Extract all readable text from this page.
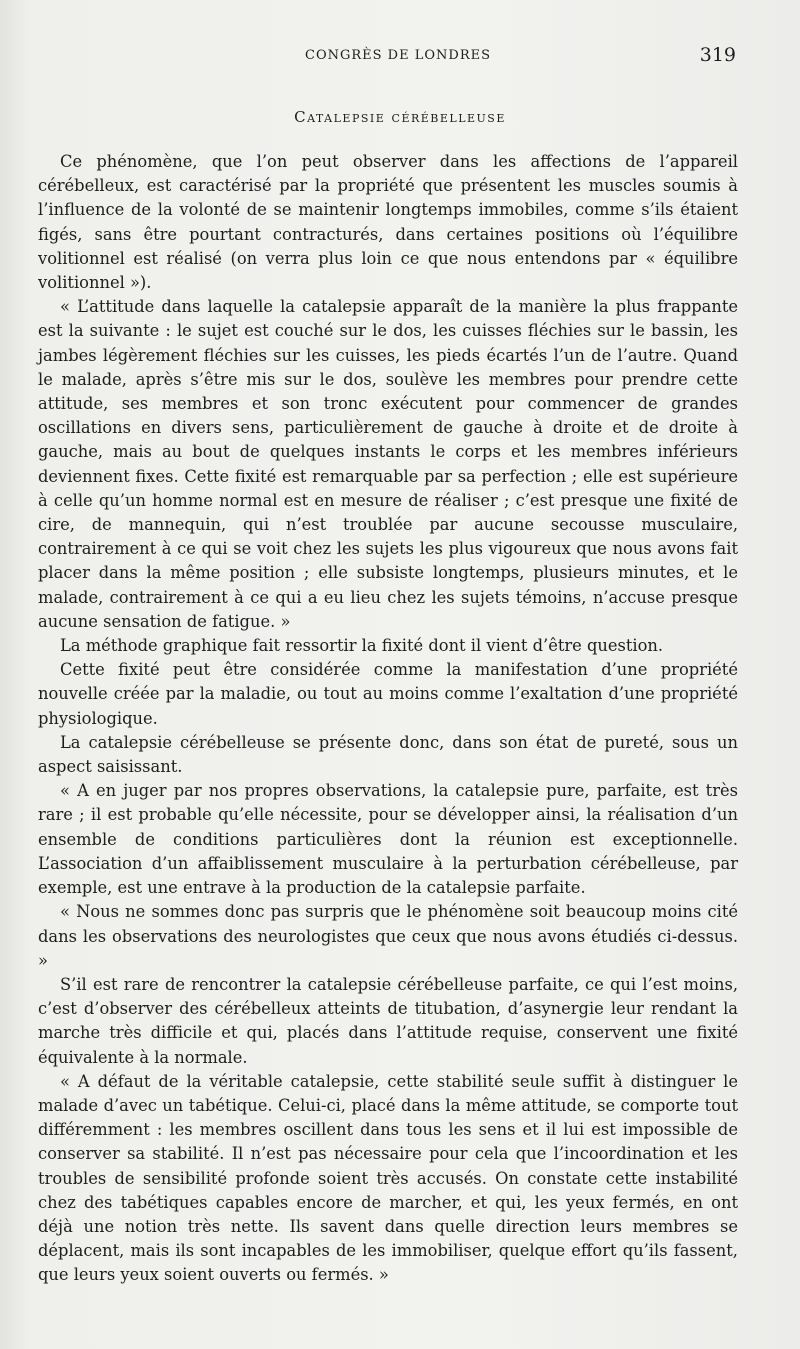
CONGRÈS DE LONDRES	319
Catalepsie cérébelleuse

Ce phénomène, que l’on peut observer dans les affections de l’appareil cérébelleux, est caractérisé par la propriété que présentent les muscles soumis à l’influence de la volonté de se maintenir longtemps immobiles, comme s’ils étaient figés, sans être pourtant contracturés, dans certaines positions où l’équilibre volitionnel est réalisé (on verra plus loin ce que nous entendons par « équilibre volitionnel »).

« L’attitude dans laquelle la catalepsie apparaît de la manière la plus frappante est la suivante : le sujet est couché sur le dos, les cuisses fléchies sur le bassin, les jambes légèrement fléchies sur les cuisses, les pieds écartés l’un de l’autre. Quand le malade, après s’être mis sur le dos, soulève les membres pour prendre cette attitude, ses membres et son tronc exécutent pour commencer de grandes oscillations en divers sens, particulièrement de gauche à droite et de droite à gauche, mais au bout de quelques instants le corps et les membres inférieurs deviennent fixes. Cette fixité est remarquable par sa perfection ; elle est supérieure à celle qu’un homme normal est en mesure de réaliser ; c’est presque une fixité de cire, de mannequin, qui n’est troublée par aucune secousse musculaire, contrairement à ce qui se voit chez les sujets les plus vigoureux que nous avons fait placer dans la même position ; elle subsiste longtemps, plusieurs minutes, et le malade, contrairement à ce qui a eu lieu chez les sujets témoins, n’accuse presque aucune sensation de fatigue. »

La méthode graphique fait ressortir la fixité dont il vient d’être question.

Cette fixité peut être considérée comme la manifestation d’une propriété nouvelle créée par la maladie, ou tout au moins comme l’exaltation d’une propriété physiologique.

La catalepsie cérébelleuse se présente donc, dans son état de pureté, sous un aspect saisissant.

« A en juger par nos propres observations, la catalepsie pure, parfaite, est très rare ; il est probable qu’elle nécessite, pour se développer ainsi, la réalisation d’un ensemble de conditions particulières dont la réunion est exceptionnelle. L’association d’un affaiblissement musculaire à la perturbation cérébelleuse, par exemple, est une entrave à la production de la catalepsie parfaite.

« Nous ne sommes donc pas surpris que le phénomène soit beaucoup moins cité dans les observations des neurologistes que ceux que nous avons étudiés ci-dessus. »

S’il est rare de rencontrer la catalepsie cérébelleuse parfaite, ce qui l’est moins, c’est d’observer des cérébelleux atteints de titubation, d’asynergie leur rendant la marche très difficile et qui, placés dans l’attitude requise, conservent une fixité équivalente à la normale.

« A défaut de la véritable catalepsie, cette stabilité seule suffit à distinguer le malade d’avec un tabétique. Celui-ci, placé dans la même attitude, se comporte tout différemment : les membres oscillent dans tous les sens et il lui est impossible de conserver sa stabilité. Il n’est pas nécessaire pour cela que l’incoordination et les troubles de sensibilité profonde soient très accusés. On constate cette instabilité chez des tabétiques capables encore de marcher, et qui, les yeux fermés, en ont déjà une notion très nette. Ils savent dans quelle direction leurs membres se déplacent, mais ils sont incapables de les immobiliser, quelque effort qu’ils fassent, que leurs yeux soient ouverts ou fermés. »
